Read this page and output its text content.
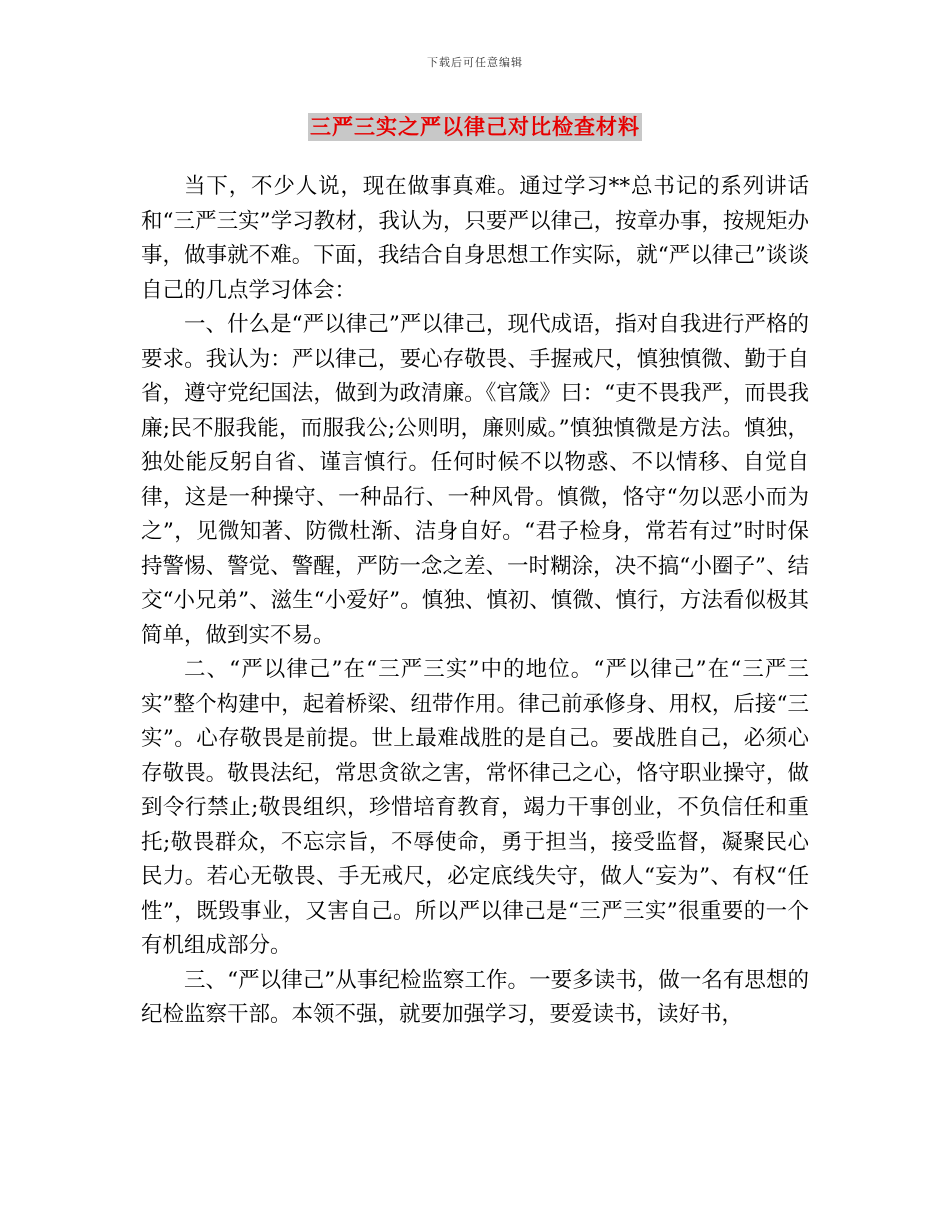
下载后可任意编辑
三严三实之严以律己对比检查材料

当下，不少人说，现在做事真难。通过学习**总书记的系列讲话和“三严三实”学习教材，我认为，只要严以律己，按章办事，按规矩办事，做事就不难。下面，我结合自身思想工作实际，就“严以律己”谈谈自己的几点学习体会：

一、什么是“严以律己”严以律己，现代成语，指对自我进行严格的要求。我认为：严以律己，要心存敬畏、手握戒尺，慎独慎微、勤于自省，遵守党纪国法，做到为政清廉。《官箴》曰：“吏不畏我严，而畏我廉;民不服我能，而服我公;公则明，廉则威。”慎独慎微是方法。慎独，独处能反躬自省、谨言慎行。任何时候不以物惑、不以情移、自觉自律，这是一种操守、一种品行、一种风骨。慎微，恪守“勿以恶小而为之”，见微知著、防微杜渐、洁身自好。“君子检身，常若有过”时时保持警惕、警觉、警醒，严防一念之差、一时糊涂，决不搞“小圈子”、结交“小兄弟”、滋生“小爱好”。慎独、慎初、慎微、慎行，方法看似极其简单，做到实不易。

二、“严以律己”在“三严三实”中的地位。“严以律己”在“三严三实”整个构建中，起着桥梁、纽带作用。律己前承修身、用权，后接“三实”。心存敬畏是前提。世上最难战胜的是自己。要战胜自己，必须心存敬畏。敬畏法纪，常思贪欲之害，常怀律己之心，恪守职业操守，做到令行禁止;敬畏组织，珍惜培育教育，竭力干事创业，不负信任和重托;敬畏群众，不忘宗旨，不辱使命，勇于担当，接受监督，凝聚民心民力。若心无敬畏、手无戒尺，必定底线失守，做人“妄为”、有权“任性”，既毁事业，又害自己。所以严以律己是“三严三实”很重要的一个有机组成部分。

三、“严以律己”从事纪检监察工作。一要多读书，做一名有思想的纪检监察干部。本领不强，就要加强学习，要爱读书，读好书，
